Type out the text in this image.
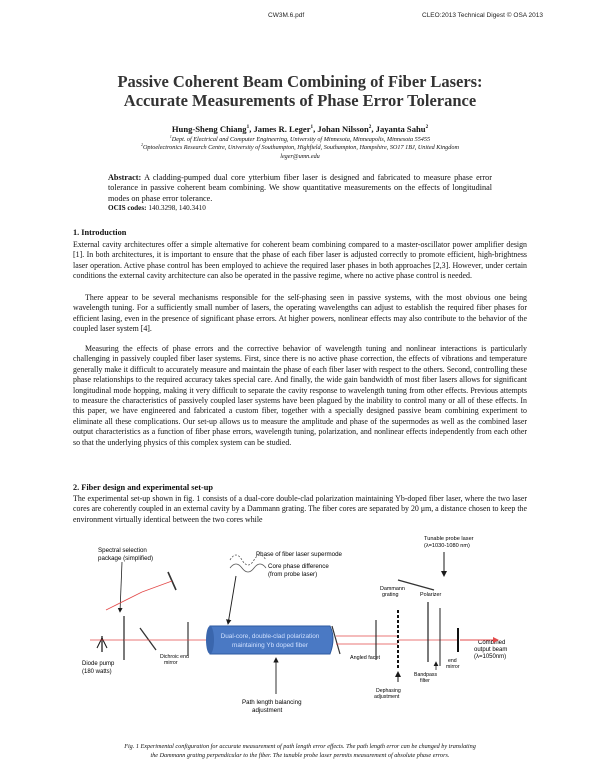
CW3M.6.pdf	CLEO:2013 Technical Digest © OSA 2013
Passive Coherent Beam Combining of Fiber Lasers:
Accurate Measurements of Phase Error Tolerance
Hung-Sheng Chiang$^1$, James R. Leger$^1$, Johan Nilsson$^2$, Jayanta Sahu$^2$
$^1$Dept. of Electrical and Computer Engineering, University of Minnesota, Minneapolis, Minnesota 55455
$^2$Optoelectronics Research Centre, University of Southampton, Highfield, Southampton, Hampshire, SO17 1BJ, United Kingdom
leger@umn.edu
Abstract: A cladding-pumped dual core ytterbium fiber laser is designed and fabricated to measure phase error tolerance in passive coherent beam combining. We show quantitative measurements on the effects of longitudinal modes on phase error tolerance.
OCIS codes: 140.3298, 140.3410
1. Introduction

External cavity architectures offer a simple alternative for coherent beam combining compared to a master-oscillator power amplifier design [1]. In both architectures, it is important to ensure that the phase of each fiber laser is adjusted correctly to promote efficient, high-brightness laser operation. Active phase control has been employed to achieve the required laser phases in both approaches [2,3]. However, under certain conditions the external cavity architecture can also be operated in the passive regime, where no active phase control is needed.

There appear to be several mechanisms responsible for the self-phasing seen in passive systems, with the most obvious one being wavelength tuning. For a sufficiently small number of lasers, the operating wavelengths can adjust to establish the required fiber phases for efficient lasing, even in the presence of significant phase errors. At higher powers, nonlinear effects may also contribute to the behavior of the coupled laser system [4].

Measuring the effects of phase errors and the corrective behavior of wavelength tuning and nonlinear interactions is particularly challenging in passively coupled fiber laser systems. First, since there is no active phase correction, the effects of vibrations and temperature generally make it difficult to accurately measure and maintain the phase of each fiber laser with respect to the others. Second, controlling these phase relationships to the required accuracy takes special care. And finally, the wide gain bandwidth of most fiber lasers allows for significant longitudinal mode hopping, making it very difficult to separate the cavity response to wavelength tuning from other effects. Previous attempts to measure the characteristics of passively coupled laser systems have been plagued by the inability to control many or all of these effects. In this paper, we have engineered and fabricated a custom fiber, together with a specially designed passive beam combining experiment to eliminate all these complications. Our set-up allows us to measure the amplitude and phase of the supermodes as well as the combined laser output characteristics as a function of fiber phase errors, wavelength tuning, polarization, and nonlinear effects independently from each other so that the underlying physics of this complex system can be studied.

2. Fiber design and experimental set-up

The experimental set-up shown in fig. 1 consists of a dual-core double-clad polarization maintaining Yb-doped fiber laser, where the two laser cores are coherently coupled in an external cavity by a Dammann grating. The fiber cores are separated by 20 μm, a distance chosen to keep the environment virtually identical between the two cores while

Spectral selection
package (simplified)
Diode pump
(180 watts)
Phase of fiber laser supermode
Core phase difference
(from probe laser)
Dichroic end
mirror
Angled facet
Path length balancing
adjustment
Tunable probe laser
(λ=1030-1080 nm)
Dammann
grating	Polarizer
Bandpass
filter
Dephasing
adjustment
end
mirror
Combined
output beam
(λ=1050nm)
Dual-core, double-clad polarization
maintaining Yb doped fiber
Fig. 1 Experimental configuration for accurate measurement of path length error effects. The path length error can be changed by translating
the Dammann grating perpendicular to the fiber. The tunable probe laser permits measurement of absolute phase errors.
